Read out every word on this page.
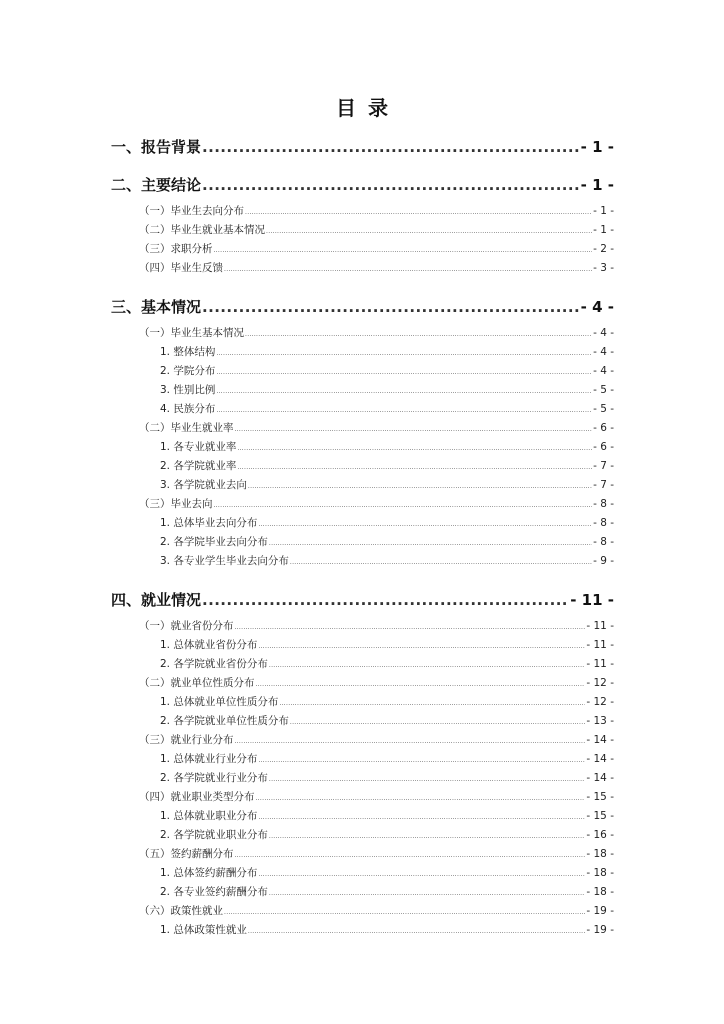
目录
一、报告背景 .....	- 1 -
二、主要结论 .....	- 1 -
（一）毕业生去向分布 .....	- 1 -
（二）毕业生就业基本情况 .....	- 1 -
（三）求职分析 .....	- 2 -
（四）毕业生反馈 .....	- 3 -
三、基本情况 .....	- 4 -
（一）毕业生基本情况 .....	- 4 -
1. 整体结构 .....	- 4 -
2. 学院分布 .....	- 4 -
3. 性别比例 .....	- 5 -
4. 民族分布 .....	- 5 -
（二）毕业生就业率 .....	- 6 -
1. 各专业就业率 .....	- 6 -
2. 各学院就业率 .....	- 7 -
3. 各学院就业去向 .....	- 7 -
（三）毕业去向 .....	- 8 -
1. 总体毕业去向分布 .....	- 8 -
2. 各学院毕业去向分布 .....	- 8 -
3. 各专业学生毕业去向分布 .....	- 9 -
四、就业情况 .....	- 11 -
（一）就业省份分布 .....	- 11 -
1. 总体就业省份分布 .....	- 11 -
2. 各学院就业省份分布 .....	- 11 -
（二）就业单位性质分布 .....	- 12 -
1. 总体就业单位性质分布 .....	- 12 -
2. 各学院就业单位性质分布 .....	- 13 -
（三）就业行业分布 .....	- 14 -
1. 总体就业行业分布 .....	- 14 -
2. 各学院就业行业分布 .....	- 14 -
（四）就业职业类型分布 .....	- 15 -
1. 总体就业职业分布 .....	- 15 -
2. 各学院就业职业分布 .....	- 16 -
（五）签约薪酬分布 .....	- 18 -
1. 总体签约薪酬分布 .....	- 18 -
2. 各专业签约薪酬分布 .....	- 18 -
（六）政策性就业 .....	- 19 -
1. 总体政策性就业 .....	- 19 -
